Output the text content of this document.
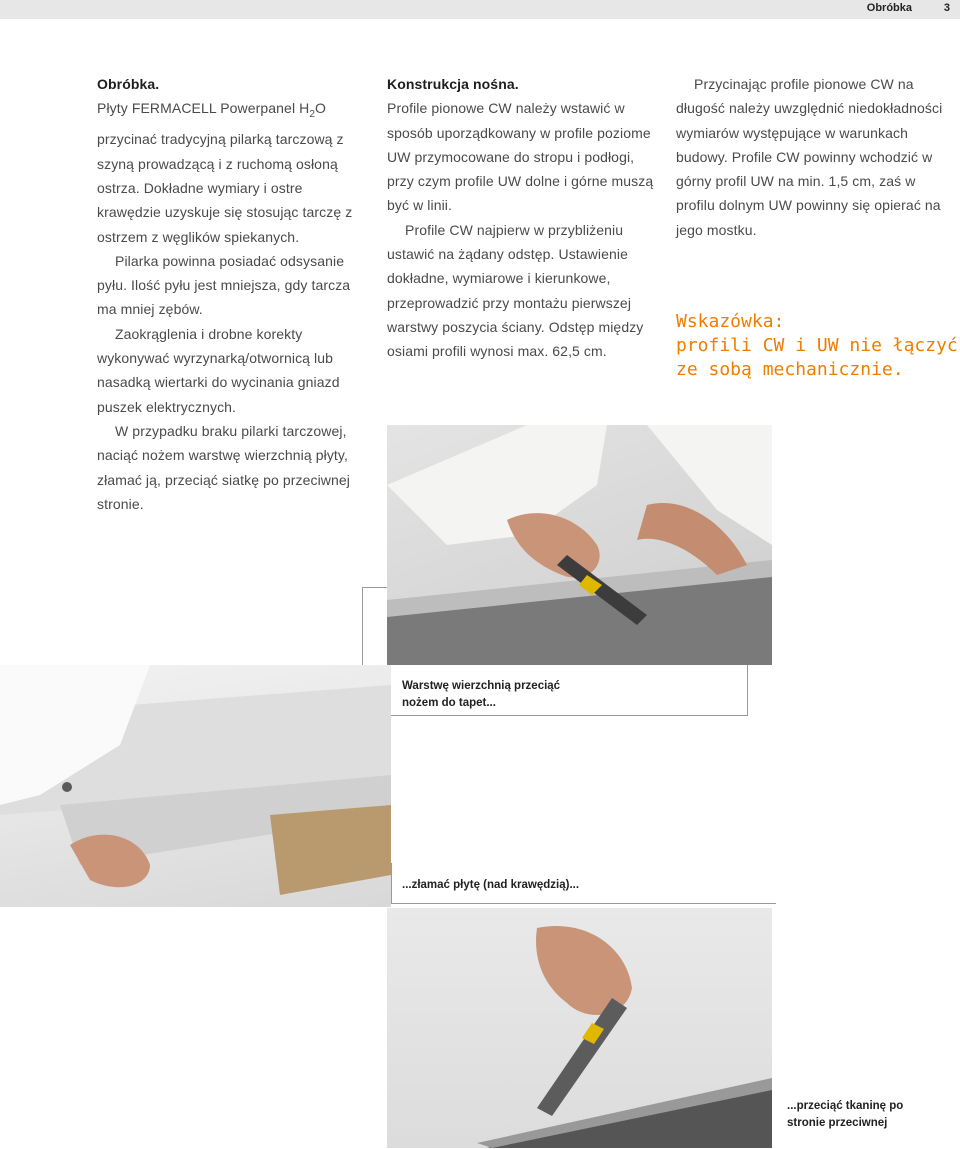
Obróbka	3

Obróbka.

Płyty FERMACELL Powerpanel $H_2O$ przycinać tradycyjną pilarką tarczową z szyną prowadzącą i z ruchomą osłoną ostrza. Dokładne wymiary i ostre krawędzie uzyskuje się stosując tarczę z ostrzem z węglików spiekanych.

Pilarka powinna posiadać odsysanie pyłu. Ilość pyłu jest mniejsza, gdy tarcza ma mniej zębów.

Zaokrąglenia i drobne korekty wykonywać wyrzynarką/otwornicą lub nasadką wiertarki do wycinania gniazd puszek elektrycznych.

W przypadku braku pilarki tarczowej, naciąć nożem warstwę wierzchnią płyty, złamać ją, przeciąć siatkę po przeciwnej stronie.

Konstrukcja nośna.

Profile pionowe CW należy wstawić w sposób uporządkowany w profile poziome UW przymocowane do stropu i podłogi, przy czym profile UW dolne i górne muszą być w linii.

Profile CW najpierw w przybliżeniu ustawić na żądany odstęp. Ustawienie dokładne, wymiarowe i kierunkowe, przeprowadzić przy montażu pierwszej warstwy poszycia ściany. Odstęp między osiami profili wynosi max. 62,5 cm.

Przycinając profile pionowe CW na długość należy uwzględnić niedokładności wymiarów występujące w warunkach budowy. Profile CW powinny wchodzić w górny profil UW na min. 1,5 cm, zaś w profilu dolnym UW powinny się opierać na jego mostku.

Wskazówka:
profili CW i UW nie łączyć ze sobą mechanicznie.
Warstwę wierzchnią przeciąć nożem do tapet...
...złamać płytę (nad krawędzią)...
...przeciąć tkaninę po stronie przeciwnej
